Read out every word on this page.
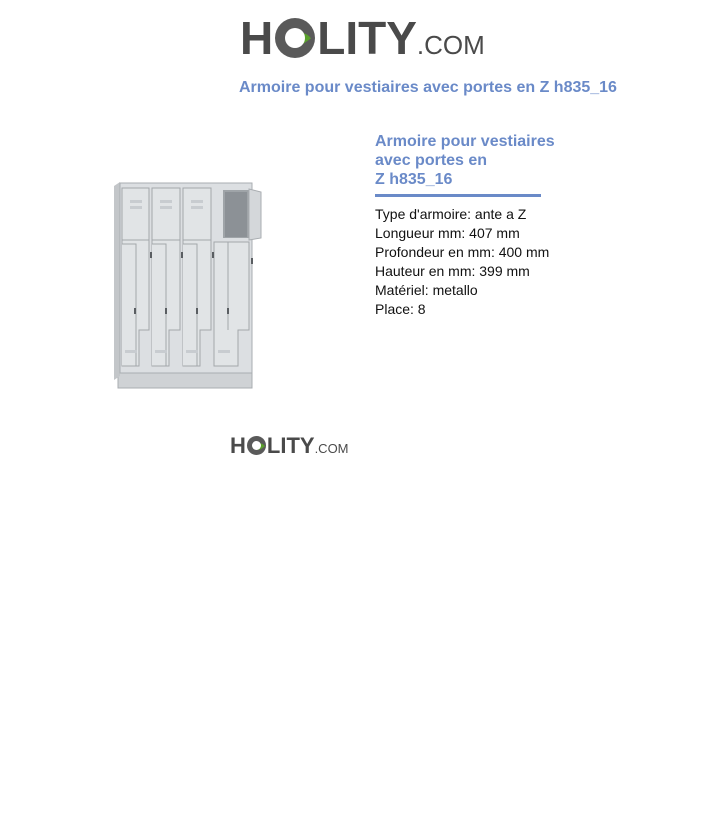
H LITY .COM
Armoire pour vestiaires avec portes en Z h835_16
Armoire pour vestiaires
avec portes en
Z h835_16
Type d'armoire: ante a Z
Longueur mm: 407 mm
Profondeur en mm: 400 mm
Hauteur en mm: 399 mm
Matériel: metallo
Place: 8
H LITY .COM
